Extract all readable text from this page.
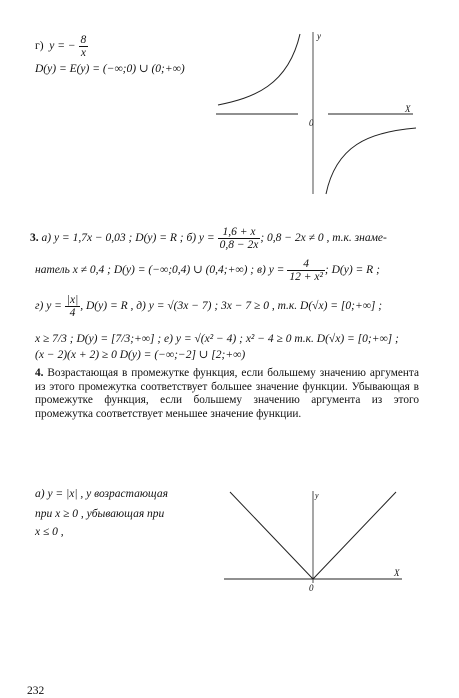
г) y = − $\frac{8}{x}$
D(y) = E(y) = (−∞;0) ∪ (0;+∞)
y
X
0
3. а) y = 1,7x − 0,03 ; D(y) = R ; б) $y = \frac{1,6 + x}{0,8 - 2x}$ ; 0,8 − 2x ≠ 0 , т.к. знаме-
натель x ≠ 0,4 ; D(y) = (−∞;0,4) ∪ (0,4;+∞) ; в) $y = \frac{4}{\text{12 + x²}}$ ; D(y) = R ;
г) $y = \frac{|x|}{4}$ , D(y) = R , д) y = √(3x − 7) ; 3x − 7 ≥ 0 , т.к. D(√x) = [0;+∞] ;
x ≥ 7/3 ; D(y) = [7/3;+∞] ; е) y = √(x² − 4) ; x² − 4 ≥ 0 т.к. D(√x) = [0;+∞] ;
(x − 2)(x + 2) ≥ 0 D(y) = (−∞;−2] ∪ [2;+∞)
4. Возрастающая в промежутке функция, если большему значению аргумента из этого промежутка соответствует большее значение функции. Убывающая в промежутке функция, если большему значению аргумента из этого промежутка соответствует меньшее значение функции.
а) y = |x| , y возрастающая
при x ≥ 0 , убывающая при
x ≤ 0 ,
y
X
0
232
